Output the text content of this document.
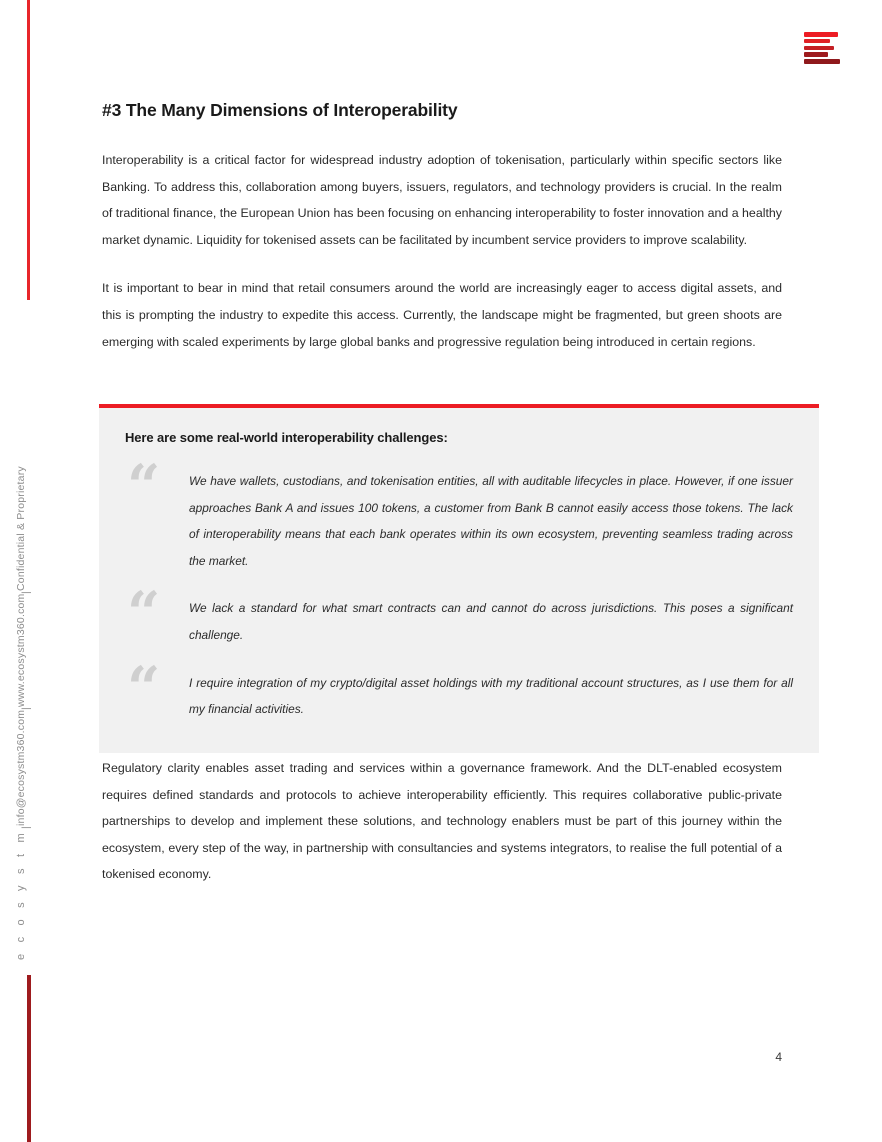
e c o s y s t m
|
info@ecosystm360.com
|
www.ecosystm360.com
|
Confidential & Proprietary
#3 The Many Dimensions of Interoperability

Interoperability is a critical factor for widespread industry adoption of tokenisation, particularly within specific sectors like Banking. To address this, collaboration among buyers, issuers, regulators, and technology providers is crucial. In the realm of traditional finance, the European Union has been focusing on enhancing interoperability to foster innovation and a healthy market dynamic. Liquidity for tokenised assets can be facilitated by incumbent service providers to improve scalability.

It is important to bear in mind that retail consumers around the world are increasingly eager to access digital assets, and this is prompting the industry to expedite this access. Currently, the landscape might be fragmented, but green shoots are emerging with scaled experiments by large global banks and progressive regulation being introduced in certain regions.

Here are some real-world interoperability challenges:
“	We have wallets, custodians, and tokenisation entities, all with auditable lifecycles in place. However, if one issuer approaches Bank A and issues 100 tokens, a customer from Bank B cannot easily access those tokens. The lack of interoperability means that each bank operates within its own ecosystem, preventing seamless trading across the market.
“	We lack a standard for what smart contracts can and cannot do across jurisdictions. This poses a significant challenge.
“	I require integration of my crypto/digital asset holdings with my traditional account structures, as I use them for all my financial activities.

Regulatory clarity enables asset trading and services within a governance framework. And the DLT-enabled ecosystem requires defined standards and protocols to achieve interoperability efficiently. This requires collaborative public-private partnerships to develop and implement these solutions, and technology enablers must be part of this journey within the ecosystem, every step of the way, in partnership with consultancies and systems integrators, to realise the full potential of a tokenised economy.

4
